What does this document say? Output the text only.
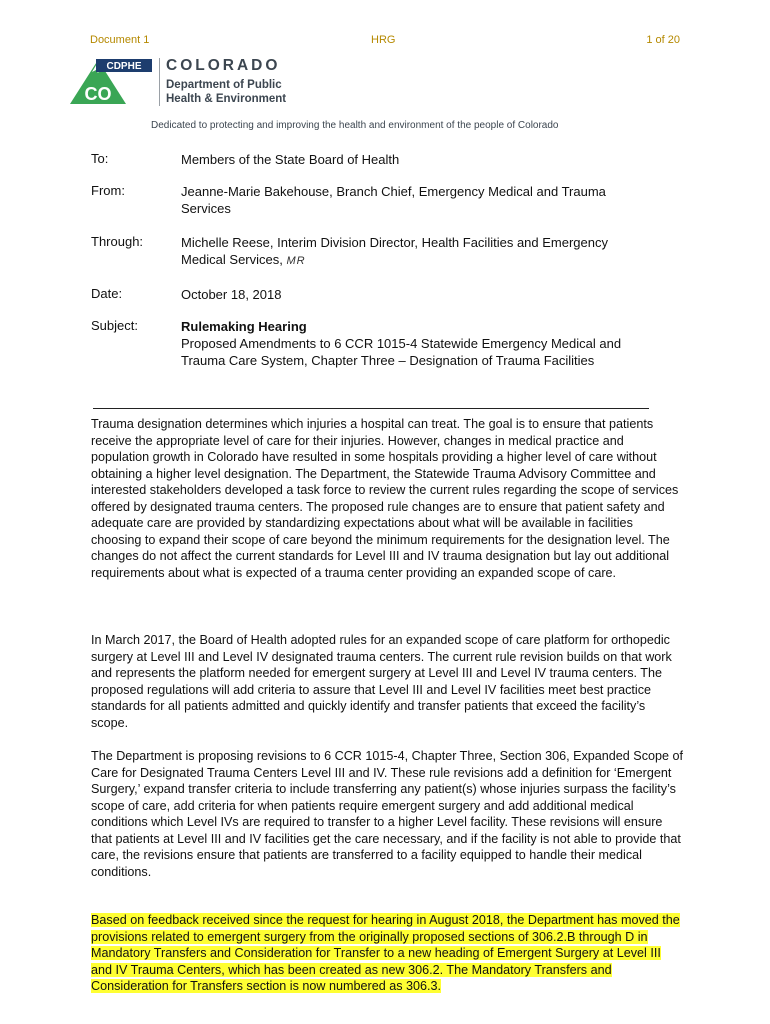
Document 1	HRG	1 of 20
CDPHE
CO
COLORADO
Department of Public
Health & Environment
Dedicated to protecting and improving the health and environment of the people of Colorado
To:	Members of the State Board of Health
From:	Jeanne-Marie Bakehouse, Branch Chief, Emergency Medical and Trauma Services
Through:	Michelle Reese, Interim Division Director, Health Facilities and Emergency Medical Services, MR
Date:	October 18, 2018
Subject:	Rulemaking Hearing
Proposed Amendments to 6 CCR 1015-4 Statewide Emergency Medical and Trauma Care System, Chapter Three – Designation of Trauma Facilities

Trauma designation determines which injuries a hospital can treat. The goal is to ensure that patients receive the appropriate level of care for their injuries. However, changes in medical practice and population growth in Colorado have resulted in some hospitals providing a higher level of care without obtaining a higher level designation. The Department, the Statewide Trauma Advisory Committee and interested stakeholders developed a task force to review the current rules regarding the scope of services offered by designated trauma centers. The proposed rule changes are to ensure that patient safety and adequate care are provided by standardizing expectations about what will be available in facilities choosing to expand their scope of care beyond the minimum requirements for the designation level. The changes do not affect the current standards for Level III and IV trauma designation but lay out additional requirements about what is expected of a trauma center providing an expanded scope of care.

In March 2017, the Board of Health adopted rules for an expanded scope of care platform for orthopedic surgery at Level III and Level IV designated trauma centers. The current rule revision builds on that work and represents the platform needed for emergent surgery at Level III and Level IV trauma centers. The proposed regulations will add criteria to assure that Level III and Level IV facilities meet best practice standards for all patients admitted and quickly identify and transfer patients that exceed the facility’s scope.

The Department is proposing revisions to 6 CCR 1015-4, Chapter Three, Section 306, Expanded Scope of Care for Designated Trauma Centers Level III and IV. These rule revisions add a definition for ‘Emergent Surgery,’ expand transfer criteria to include transferring any patient(s) whose injuries surpass the facility’s scope of care, add criteria for when patients require emergent surgery and add additional medical conditions which Level IVs are required to transfer to a higher Level facility. These revisions will ensure that patients at Level III and IV facilities get the care necessary, and if the facility is not able to provide that care, the revisions ensure that patients are transferred to a facility equipped to handle their medical conditions.

Based on feedback received since the request for hearing in August 2018, the Department has moved the provisions related to emergent surgery from the originally proposed sections of 306.2.B through D in Mandatory Transfers and Consideration for Transfer to a new heading of Emergent Surgery at Level III and IV Trauma Centers, which has been created as new 306.2. The Mandatory Transfers and Consideration for Transfers section is now numbered as 306.3.
